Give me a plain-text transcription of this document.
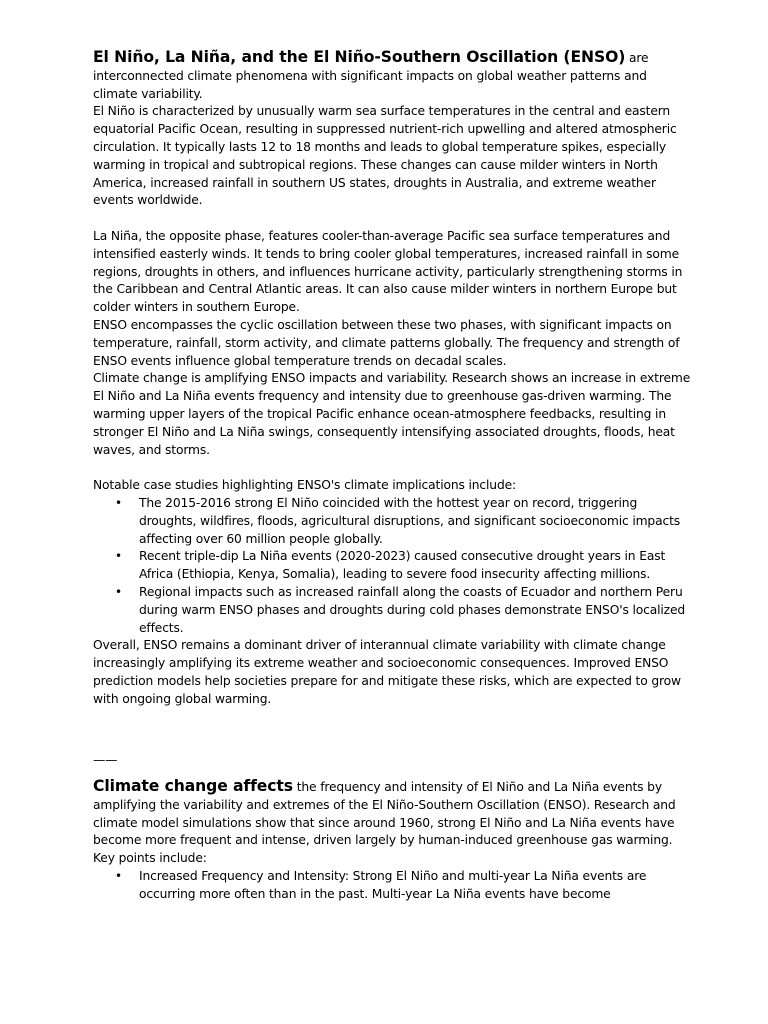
El Niño, La Niña, and the El Niño-Southern Oscillation (ENSO) are interconnected climate phenomena with significant impacts on global weather patterns and climate variability.

El Niño is characterized by unusually warm sea surface temperatures in the central and eastern equatorial Pacific Ocean, resulting in suppressed nutrient-rich upwelling and altered atmospheric circulation. It typically lasts 12 to 18 months and leads to global temperature spikes, especially warming in tropical and subtropical regions. These changes can cause milder winters in North America, increased rainfall in southern US states, droughts in Australia, and extreme weather events worldwide.

La Niña, the opposite phase, features cooler-than-average Pacific sea surface temperatures and intensified easterly winds. It tends to bring cooler global temperatures, increased rainfall in some regions, droughts in others, and influences hurricane activity, particularly strengthening storms in the Caribbean and Central Atlantic areas. It can also cause milder winters in northern Europe but colder winters in southern Europe.

ENSO encompasses the cyclic oscillation between these two phases, with significant impacts on temperature, rainfall, storm activity, and climate patterns globally. The frequency and strength of ENSO events influence global temperature trends on decadal scales.

Climate change is amplifying ENSO impacts and variability. Research shows an increase in extreme El Niño and La Niña events frequency and intensity due to greenhouse gas-driven warming. The warming upper layers of the tropical Pacific enhance ocean-atmosphere feedbacks, resulting in stronger El Niño and La Niña swings, consequently intensifying associated droughts, floods, heat waves, and storms.

Notable case studies highlighting ENSO's climate implications include:

• The 2015-2016 strong El Niño coincided with the hottest year on record, triggering droughts, wildfires, floods, agricultural disruptions, and significant socioeconomic impacts affecting over 60 million people globally.
• Recent triple-dip La Niña events (2020-2023) caused consecutive drought years in East Africa (Ethiopia, Kenya, Somalia), leading to severe food insecurity affecting millions.
• Regional impacts such as increased rainfall along the coasts of Ecuador and northern Peru during warm ENSO phases and droughts during cold phases demonstrate ENSO's localized effects.

Overall, ENSO remains a dominant driver of interannual climate variability with climate change increasingly amplifying its extreme weather and socioeconomic consequences. Improved ENSO prediction models help societies prepare for and mitigate these risks, which are expected to grow with ongoing global warming.

——

Climate change affects the frequency and intensity of El Niño and La Niña events by amplifying the variability and extremes of the El Niño-Southern Oscillation (ENSO). Research and climate model simulations show that since around 1960, strong El Niño and La Niña events have become more frequent and intense, driven largely by human-induced greenhouse gas warming.

Key points include:

• Increased Frequency and Intensity: Strong El Niño and multi-year La Niña events are occurring more often than in the past. Multi-year La Niña events have become
